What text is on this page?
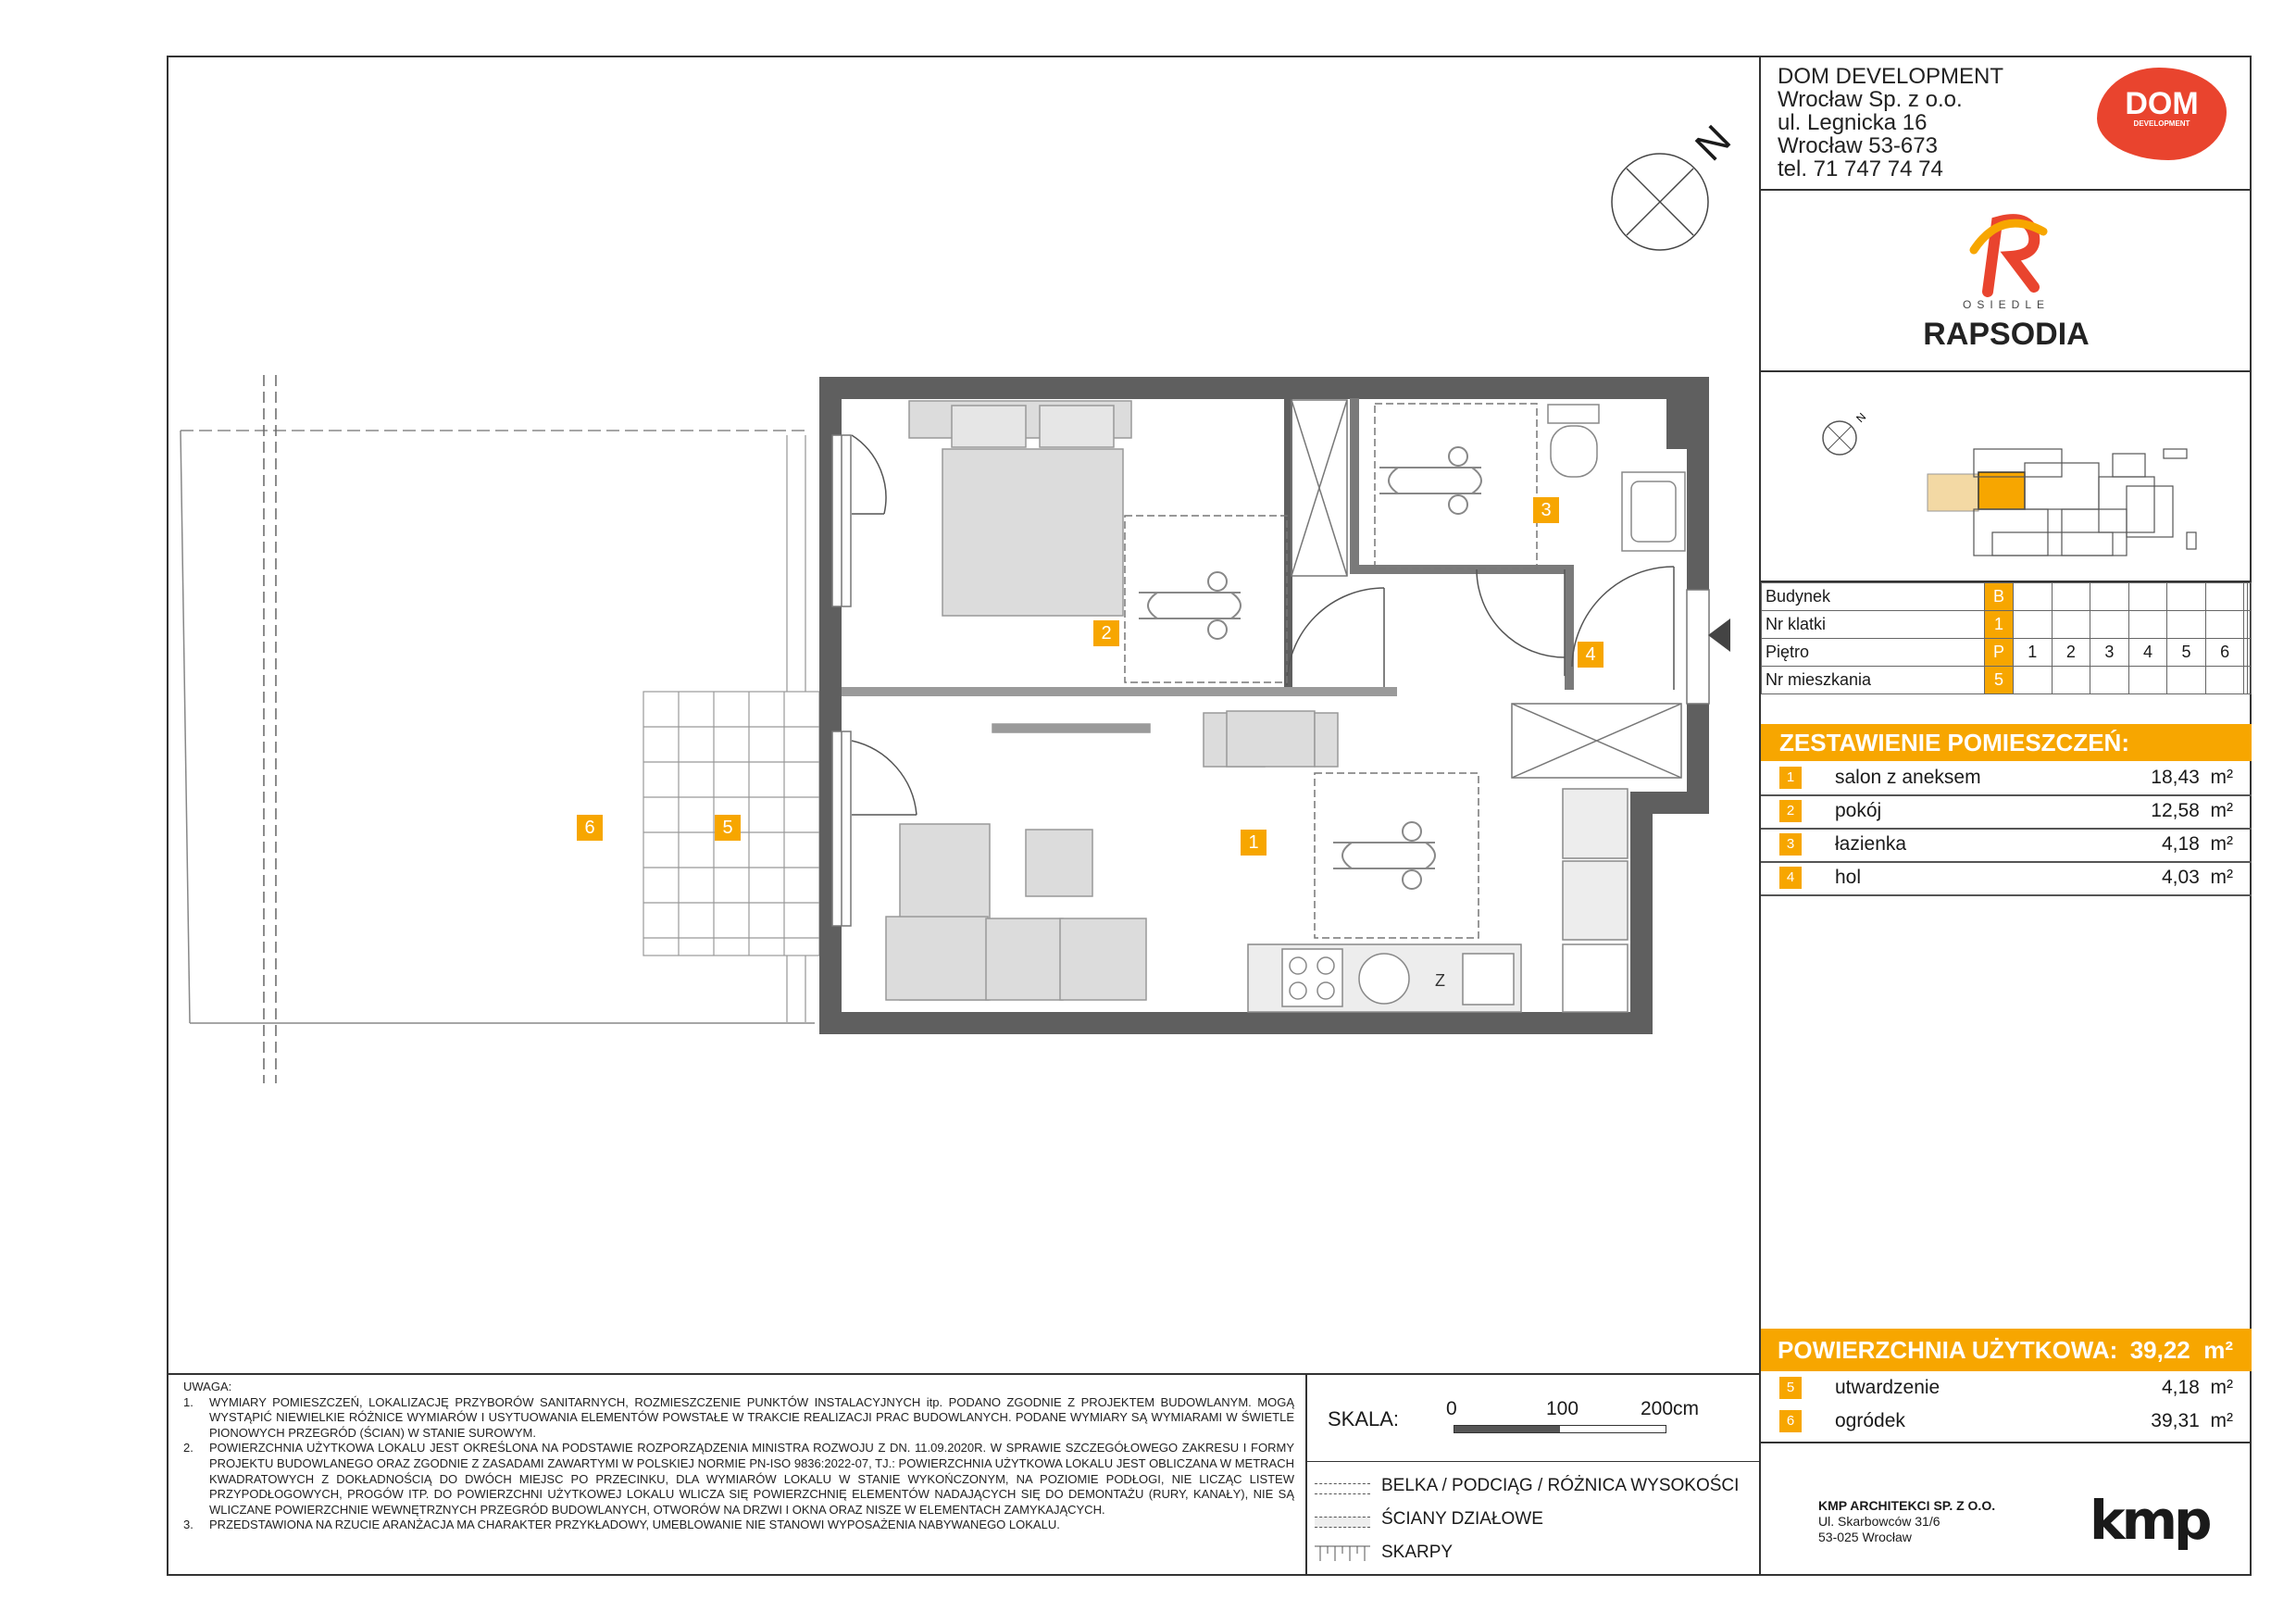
Z
1
2
3
4
5
6
N
DOM DEVELOPMENT
Wrocław Sp. z o.o.
ul. Legnicka 16
Wrocław 53-673
tel. 71 747 74 74
DOM
DEVELOPMENT
OSIEDLE
RAPSODIA
N
Budynek	B								
Nr klatki	1								
Piętro	P	1	2	3	4	5	6		
Nr mieszkania	5								
ZESTAWIENIE POMIESZCZEŃ:
1	salon z aneksem	18,43 m²
2	pokój	12,58 m²
3	łazienka	4,18 m²
4	hol	4,03 m²
POWIERZCHNIA UŻYTKOWA: 39,22 m²
5	utwardzenie	4,18 m²
6	ogródek	39,31 m²
KMP ARCHITEKCI SP. Z O.O.
Ul. Skarbowców 31/6
53-025 Wrocław	kmp
UWAGA:
1.	WYMIARY POMIESZCZEŃ, LOKALIZACJĘ PRZYBORÓW SANITARNYCH, ROZMIESZCZENIE PUNKTÓW INSTALACYJNYCH itp. PODANO ZGODNIE Z PROJEKTEM BUDOWLANYM. MOGĄ WYSTĄPIĆ NIEWIELKIE RÓŻNICE WYMIARÓW I USYTUOWANIA ELEMENTÓW POWSTAŁE W TRAKCIE REALIZACJI PRAC BUDOWLANYCH. PODANE WYMIARY SĄ WYMIARAMI W ŚWIETLE PIONOWYCH PRZEGRÓD (ŚCIAN) W STANIE SUROWYM.
2.	POWIERZCHNIA UŻYTKOWA LOKALU JEST OKREŚLONA NA PODSTAWIE ROZPORZĄDZENIA MINISTRA ROZWOJU Z DN. 11.09.2020R. W SPRAWIE SZCZEGÓŁOWEGO ZAKRESU I FORMY PROJEKTU BUDOWLANEGO ORAZ ZGODNIE Z ZASADAMI ZAWARTYMI W POLSKIEJ NORMIE PN-ISO 9836:2022-07, TJ.: POWIERZCHNIA UŻYTKOWA LOKALU JEST OBLICZANA W METRACH KWADRATOWYCH Z DOKŁADNOŚCIĄ DO DWÓCH MIEJSC PO PRZECINKU, DLA WYMIARÓW LOKALU W STANIE WYKOŃCZONYM, NA POZIOMIE PODŁOGI, NIE LICZĄC LISTEW PRZYPODŁOGOWYCH, PROGÓW ITP. DO POWIERZCHNI UŻYTKOWEJ LOKALU WLICZA SIĘ POWIERZCHNIĘ ELEMENTÓW NADAJĄCYCH SIĘ DO DEMONTAŻU (RURY, KANAŁY), NIE SĄ WLICZANE POWIERZCHNIE WEWNĘTRZNYCH PRZEGRÓD BUDOWLANYCH, OTWORÓW NA DRZWI I OKNA ORAZ NISZE W ELEMENTACH ZAMYKAJĄCYCH.
3.	PRZEDSTAWIONA NA RZUCIE ARANŻACJA MA CHARAKTER PRZYKŁADOWY, UMEBLOWANIE NIE STANOWI WYPOSAŻENIA NABYWANEGO LOKALU.
SKALA: 0	100	200cm
BELKA / PODCIĄG / RÓŻNICA WYSOKOŚCI
ŚCIANY DZIAŁOWE
SKARPY
